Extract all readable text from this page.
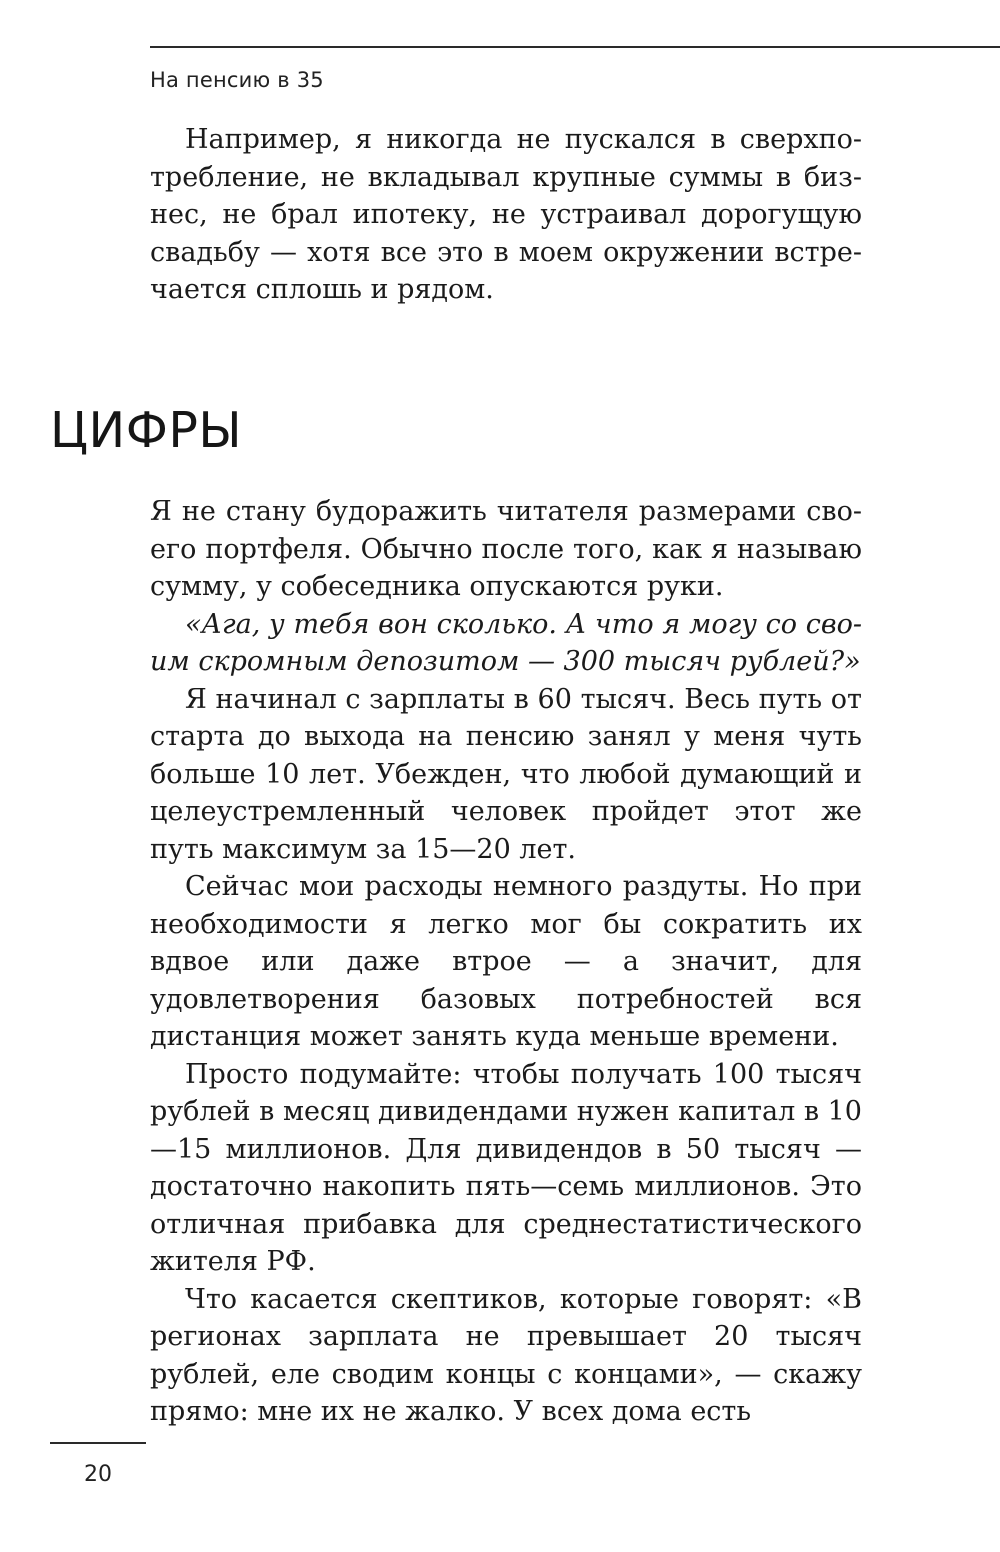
На пенсию в 35

Например, я никогда не пускался в сверхпотребление, не вкладывал крупные суммы в бизнес, не брал ипотеку, не устраивал дорогущую свадьбу — хотя все это в моем окружении встречается сплошь и рядом.

ЦИФРЫ

Я не стану будоражить читателя размерами своего портфеля. Обычно после того, как я называю сумму, у собеседника опускаются руки.

«Ага, у тебя вон сколько. А что я могу со своим скромным депозитом — 300 тысяч рублей?»

Я начинал с зарплаты в 60 тысяч. Весь путь от старта до выхода на пенсию занял у меня чуть больше 10 лет. Убежден, что любой думающий и целеустремленный человек пройдет этот же путь максимум за 15—20 лет.

Сейчас мои расходы немного раздуты. Но при необходимости я легко мог бы сократить их вдвое или даже втрое — а значит, для удовлетворения базовых потребностей вся дистанция может занять куда меньше времени.

Просто подумайте: чтобы получать 100 тысяч рублей в месяц дивидендами нужен капитал в 10—15 миллионов. Для дивидендов в 50 тысяч — достаточно накопить пять—семь миллионов. Это отличная прибавка для среднестатистического жителя РФ.

Что касается скептиков, которые говорят: «В регионах зарплата не превышает 20 тысяч рублей, еле сводим концы с концами», — скажу прямо: мне их не жалко. У всех дома есть

20
